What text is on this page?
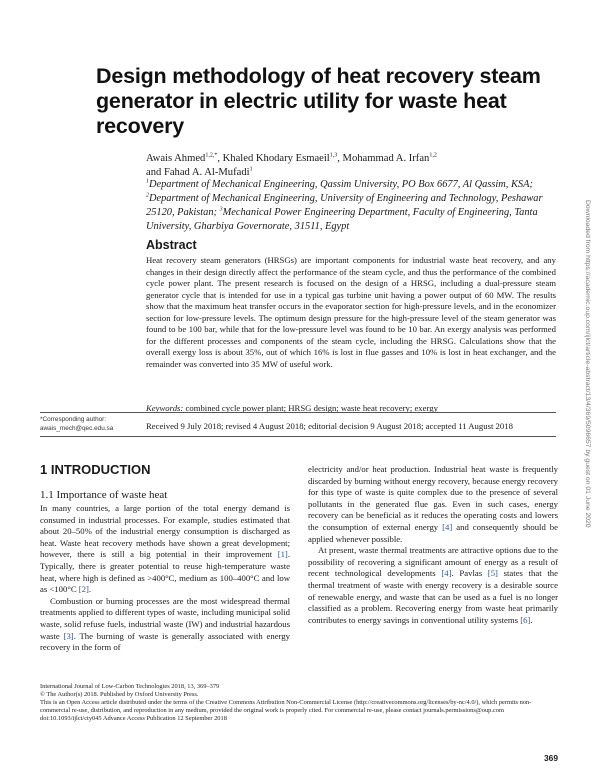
Design methodology of heat recovery steam generator in electric utility for waste heat recovery
Awais Ahmed$^{1,2,*}$, Khaled Khodary Esmaeil$^{1,3}$, Mohammad A. Irfan$^{1,2}$
and Fahad A. Al-Mufadi$^1$
$^1$Department of Mechanical Engineering, Qassim University, PO Box 6677, Al Qassim, KSA; $^2$Department of Mechanical Engineering, University of Engineering and Technology, Peshawar 25120, Pakistan; $^3$Mechanical Power Engineering Department, Faculty of Engineering, Tanta University, Gharbiya Governorate, 31511, Egypt
Abstract
Heat recovery steam generators (HRSGs) are important components for industrial waste heat recovery, and any changes in their design directly affect the performance of the steam cycle, and thus the performance of the combined cycle power plant. The present research is focused on the design of a HRSG, including a dual-pressure steam generator cycle that is intended for use in a typical gas turbine unit having a power output of 60 MW. The results show that the maximum heat transfer occurs in the evaporator section for high-pressure levels, and in the economizer section for low-pressure levels. The optimum design pressure for the high-pressure level of the steam generator was found to be 100 bar, while that for the low-pressure level was found to be 10 bar. An exergy analysis was performed for the different processes and components of the steam cycle, including the HRSG. Calculations show that the overall exergy loss is about 35%, out of which 16% is lost in flue gasses and 10% is lost in heat exchanger, and the remainder was converted into 35 MW of useful work.
Keywords: combined cycle power plant; HRSG design; waste heat recovery; exergy
*Corresponding author:
awais_mech@qec.edu.sa	Received 9 July 2018; revised 4 August 2018; editorial decision 9 August 2018; accepted 11 August 2018
1 INTRODUCTION
1.1 Importance of waste heat

In many countries, a large portion of the total energy demand is consumed in industrial processes. For example, studies estimated that about 20–50% of the industrial energy consumption is discharged as heat. Waste heat recovery methods have shown a great development; however, there is still a big potential in their improvement [1]. Typically, there is greater potential to reuse high-temperature waste heat, where high is defined as >400°C, medium as 100–400°C and low as <100°C [2].

Combustion or burning processes are the most widespread thermal treatments applied to different types of waste, including municipal solid waste, solid refuse fuels, industrial waste (IW) and industrial hazardous waste [3]. The burning of waste is generally associated with energy recovery in the form of

electricity and/or heat production. Industrial heat waste is frequently discarded by burning without energy recovery, because energy recovery for this type of waste is quite complex due to the presence of several pollutants in the generated flue gas. Even in such cases, energy recovery can be beneficial as it reduces the operating costs and lowers the consumption of external energy [4] and consequently should be applied whenever possible.

At present, waste thermal treatments are attractive options due to the possibility of recovering a significant amount of energy as a result of recent technological developments [4]. Pavlas [5] states that the thermal treatment of waste with energy recovery is a desirable source of renewable energy, and waste that can be used as a fuel is no longer classified as a problem. Recovering energy from waste heat primarily contributes to energy savings in conventional utility systems [6].

International Journal of Low-Carbon Technologies 2018, 13, 369–379
© The Author(s) 2018. Published by Oxford University Press.
This is an Open Access article distributed under the terms of the Creative Commons Attribution Non-Commercial License (http://creativecommons.org/licenses/by-nc/4.0/), which permits non-commercial re-use, distribution, and reproduction in any medium, provided the original work is properly cited. For commercial re-use, please contact journals.permissions@oup.com
doi:10.1093/ijlct/cty045 Advance Access Publication 12 September 2018
369
Downloaded from https://academic.oup.com/ijlct/article-abstract/13/4/369/5096657 by guest on 01 June 2020
